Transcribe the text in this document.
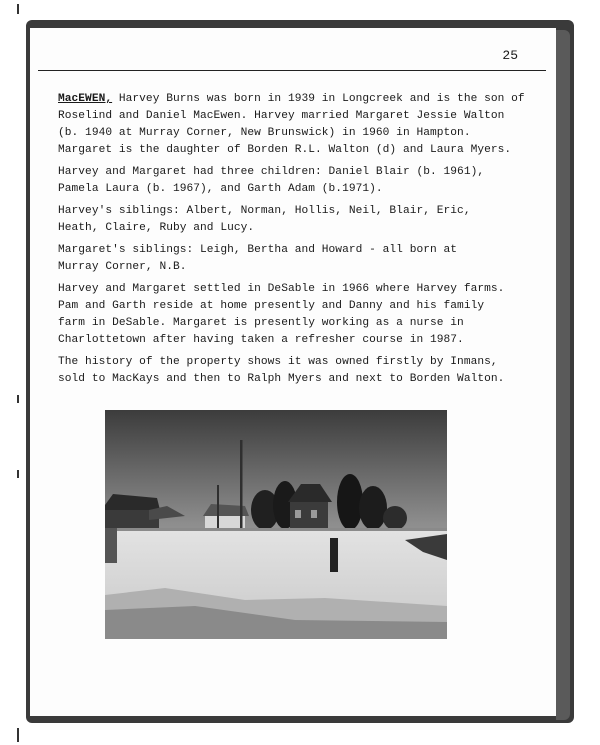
25

MacEWEN, Harvey Burns was born in 1939 in Longcreek and is the son of
Roselind and Daniel MacEwen. Harvey married Margaret Jessie Walton
(b. 1940 at Murray Corner, New Brunswick) in 1960 in Hampton.
Margaret is the daughter of Borden R.L. Walton (d) and Laura Myers.

Harvey and Margaret had three children: Daniel Blair (b. 1961),
Pamela Laura (b. 1967), and Garth Adam (b.1971).

Harvey's siblings: Albert, Norman, Hollis, Neil, Blair, Eric,
Heath, Claire, Ruby and Lucy.

Margaret's siblings: Leigh, Bertha and Howard - all born at
Murray Corner, N.B.

Harvey and Margaret settled in DeSable in 1966 where Harvey farms.
Pam and Garth reside at home presently and Danny and his family
farm in DeSable. Margaret is presently working as a nurse in
Charlottetown after having taken a refresher course in 1987.

The history of the property shows it was owned firstly by Inmans,
sold to MacKays and then to Ralph Myers and next to Borden Walton.
